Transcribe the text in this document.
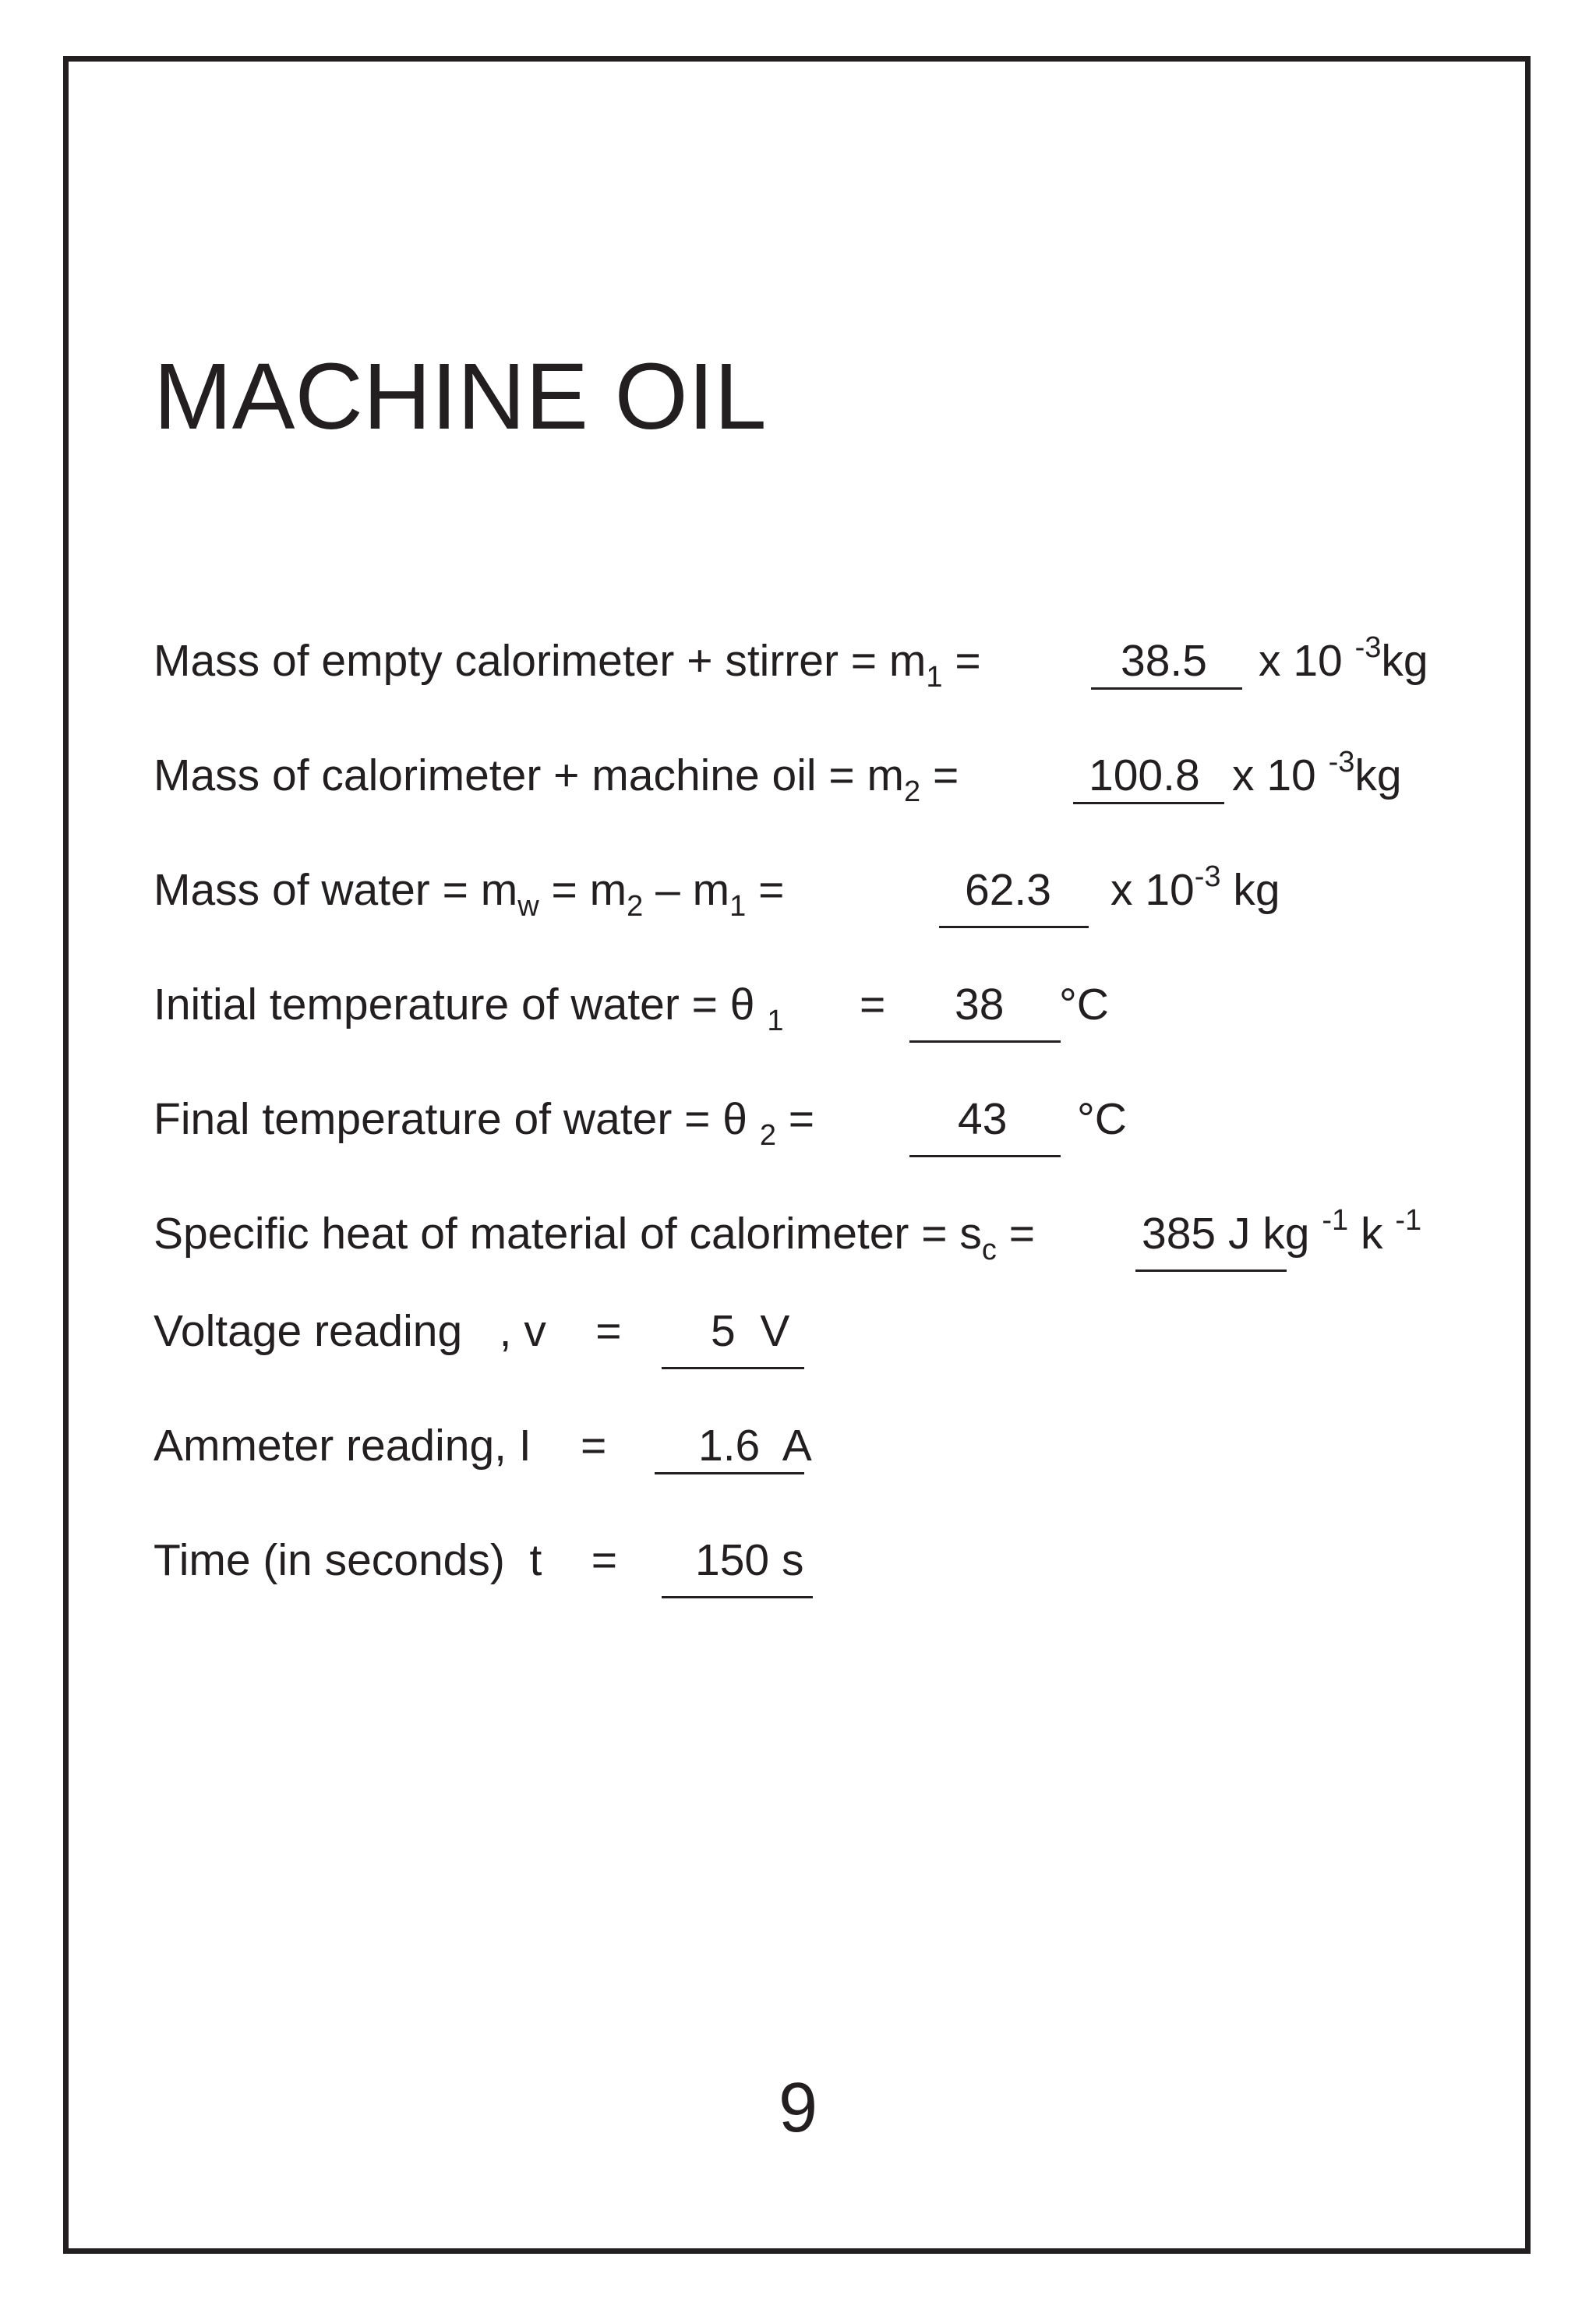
MACHINE OIL
Mass of empty calorimeter + stirrer = $m_1$ =	38.5 x 10 $^{-3}$kg
Mass of calorimeter + machine oil = $m_2$ =	100.8 x 10 $^{-3}$kg
Mass of water = $m_w = m_2 - m_1$ =	62.3 x $10^{-3}$ kg
Initial temperature of water = θ $_1$ = 38 °C
Final temperature of water = θ $_2$ =	43 °C
Specific heat of material of calorimeter = $s_c = 385$ J kg $^{-1}$ k $^{-1}$
Voltage reading   , v    = 5  V
Ammeter reading, I    = 1.6  A
Time (in seconds)  t    = 150 s
9
